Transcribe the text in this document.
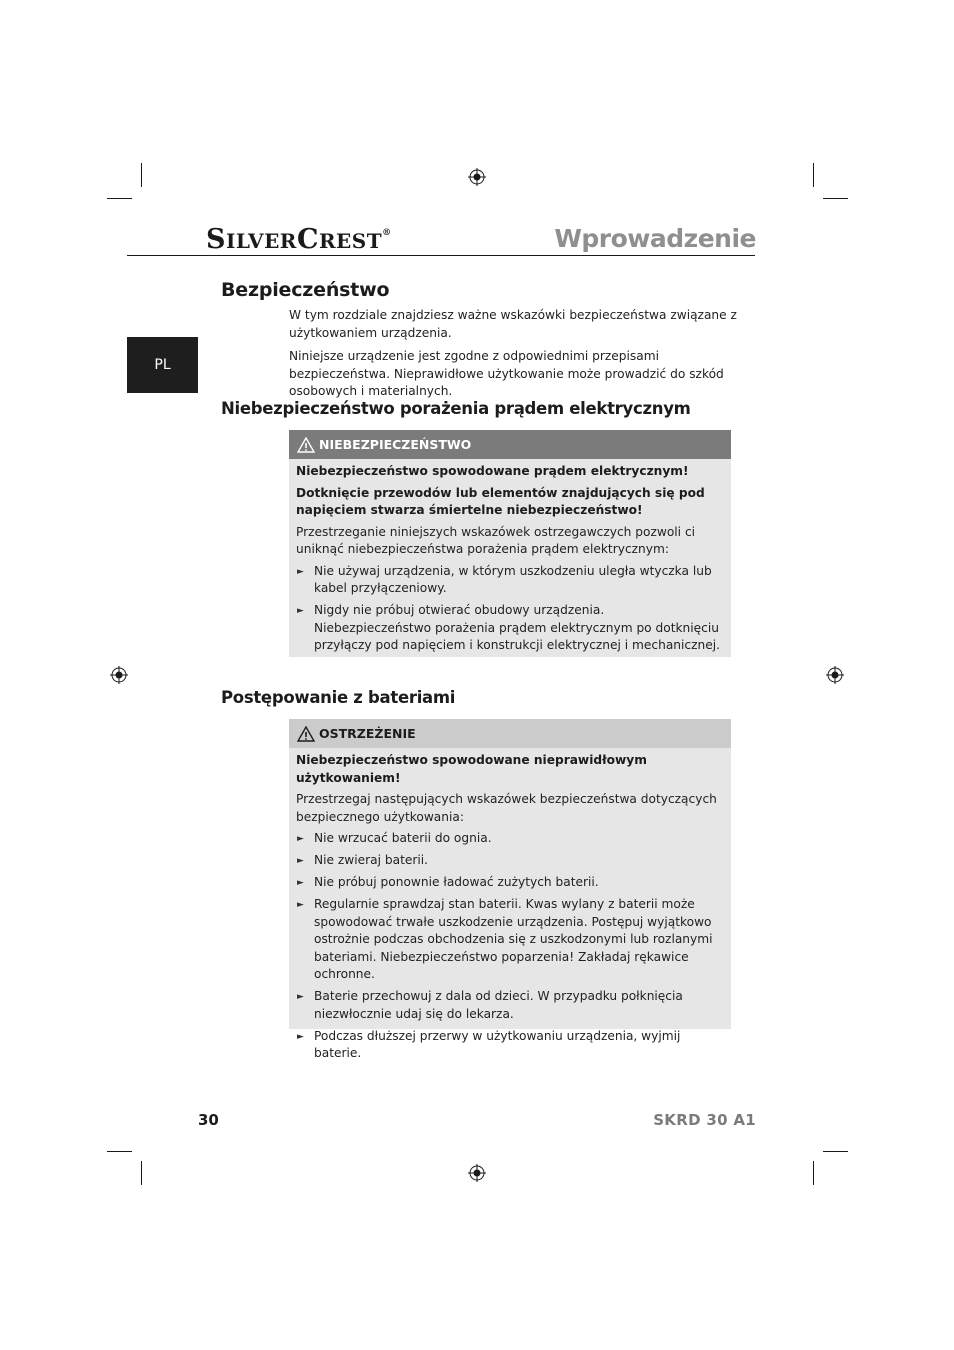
SILVERCREST®	Wprowadzenie
PL
Bezpieczeństwo

W tym rozdziale znajdziesz ważne wskazówki bezpieczeństwa związane z użytkowaniem urządzenia.

Niniejsze urządzenie jest zgodne z odpowiednimi przepisami bezpieczeństwa. Nieprawidłowe użytkowanie może prowadzić do szkód osobowych i materialnych.

Niebezpieczeństwo porażenia prądem elektrycznym
NIEBEZPIECZEŃSTWO

Niebezpieczeństwo spowodowane prądem elektrycznym!

Dotknięcie przewodów lub elementów znajdujących się pod napięciem stwarza śmiertelne niebezpieczeństwo!

Przestrzeganie niniejszych wskazówek ostrzegawczych pozwoli ci uniknąć niebezpieczeństwa porażenia prądem elektrycznym:

► Nie używaj urządzenia, w którym uszkodzeniu uległa wtyczka lub kabel przyłączeniowy.
► Nigdy nie próbuj otwierać obudowy urządzenia. Niebezpieczeństwo porażenia prądem elektrycznym po dotknięciu przyłączy pod napięciem i konstrukcji elektrycznej i mechanicznej.
Postępowanie z bateriami
OSTRZEŻENIE

Niebezpieczeństwo spowodowane nieprawidłowym użytkowaniem!

Przestrzegaj następujących wskazówek bezpieczeństwa dotyczących bezpiecznego użytkowania:

► Nie wrzucać baterii do ognia.
► Nie zwieraj baterii.
► Nie próbuj ponownie ładować zużytych baterii.
► Regularnie sprawdzaj stan baterii. Kwas wylany z baterii może spowodować trwałe uszkodzenie urządzenia. Postępuj wyjątkowo ostrożnie podczas obchodzenia się z uszkodzonymi lub rozlanymi bateriami. Niebezpieczeństwo poparzenia! Zakładaj rękawice ochronne.
► Baterie przechowuj z dala od dzieci. W przypadku połknięcia niezwłocznie udaj się do lekarza.
► Podczas dłuższej przerwy w użytkowaniu urządzenia, wyjmij baterie.
30	SKRD 30 A1
